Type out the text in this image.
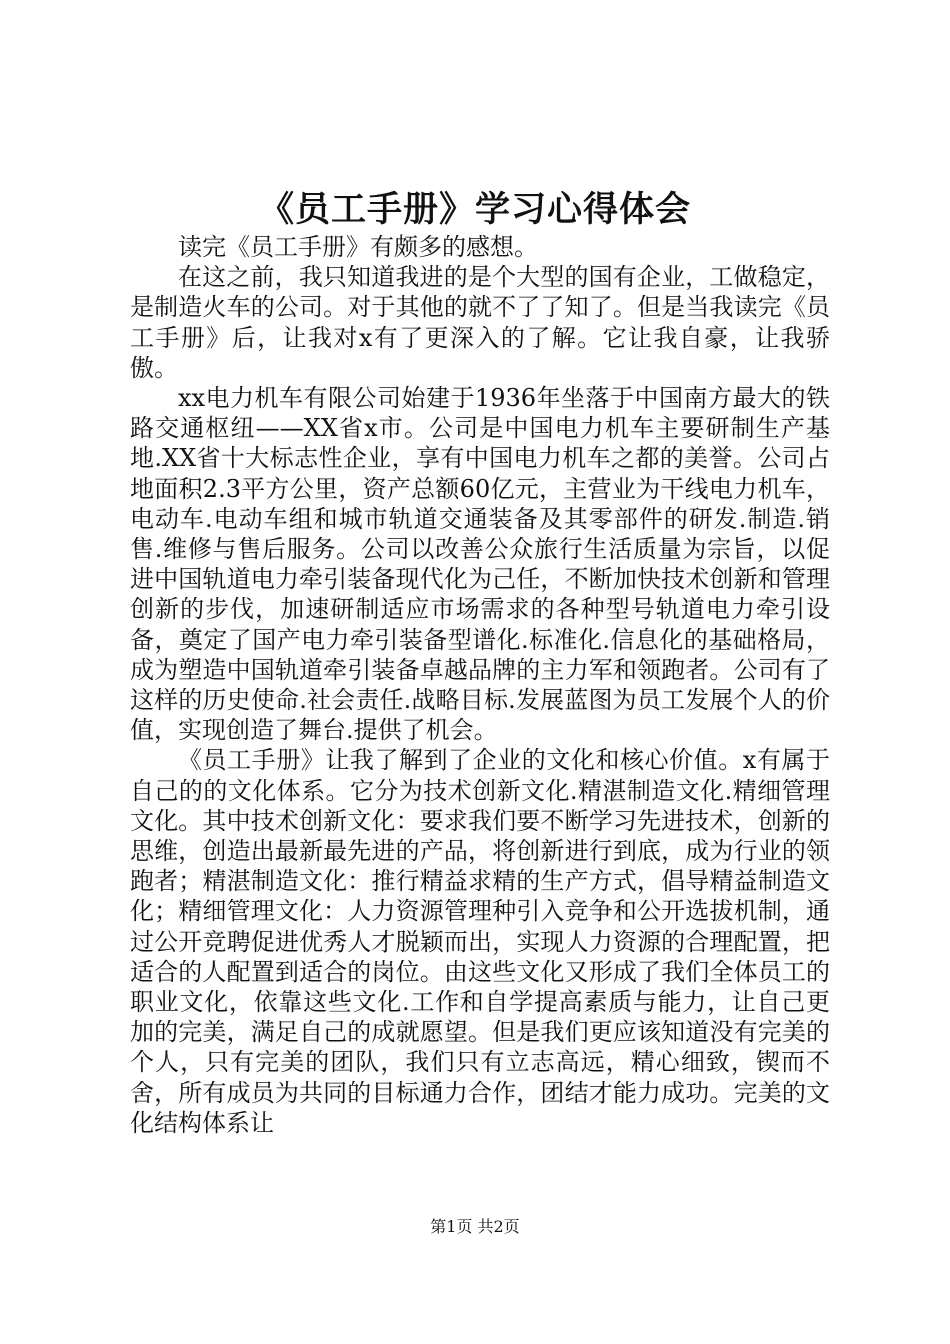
《员工手册》学习心得体会

读完《员工手册》有颇多的感想。

在这之前，我只知道我进的是个大型的国有企业，工做稳定，是制造火车的公司。对于其他的就不了了知了。但是当我读完《员工手册》后，让我对x有了更深入的了解。它让我自豪，让我骄傲。

xx电力机车有限公司始建于1936年坐落于中国南方最大的铁路交通枢纽——XX省x市。公司是中国电力机车主要研制生产基地.XX省十大标志性企业，享有中国电力机车之都的美誉。公司占地面积2.3平方公里，资产总额60亿元，主营业为干线电力机车，电动车.电动车组和城市轨道交通装备及其零部件的研发.制造.销售.维修与售后服务。公司以改善公众旅行生活质量为宗旨，以促进中国轨道电力牵引装备现代化为己任，不断加快技术创新和管理创新的步伐，加速研制适应市场需求的各种型号轨道电力牵引设备，奠定了国产电力牵引装备型谱化.标准化.信息化的基础格局，成为塑造中国轨道牵引装备卓越品牌的主力军和领跑者。公司有了这样的历史使命.社会责任.战略目标.发展蓝图为员工发展个人的价值，实现创造了舞台.提供了机会。

《员工手册》让我了解到了企业的文化和核心价值。x有属于自己的的文化体系。它分为技术创新文化.精湛制造文化.精细管理文化。其中技术创新文化：要求我们要不断学习先进技术，创新的思维，创造出最新最先进的产品，将创新进行到底，成为行业的领跑者；精湛制造文化：推行精益求精的生产方式，倡导精益制造文化；精细管理文化：人力资源管理种引入竞争和公开选拔机制，通过公开竞聘促进优秀人才脱颖而出，实现人力资源的合理配置，把适合的人配置到适合的岗位。由这些文化又形成了我们全体员工的职业文化，依靠这些文化.工作和自学提高素质与能力，让自己更加的完美，满足自己的成就愿望。但是我们更应该知道没有完美的个人，只有完美的团队，我们只有立志高远，精心细致，锲而不舍，所有成员为共同的目标通力合作，团结才能力成功。完美的文化结构体系让

第1页 共2页
